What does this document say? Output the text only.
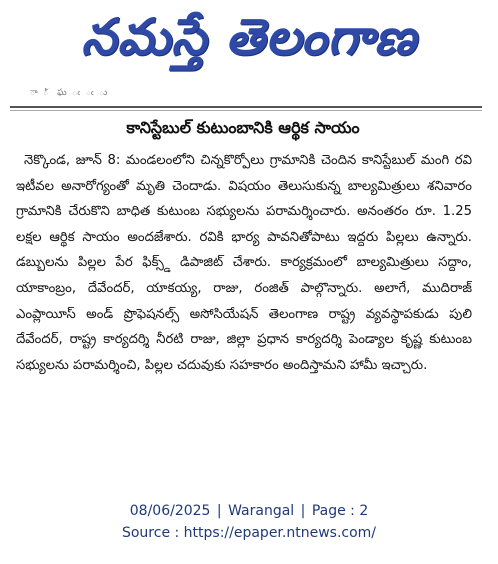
నమస్తే తెలంగాణ
ా ్ ఘ ఁ ఁ ు
కానిస్టేబుల్ కుటుంబానికి ఆర్థిక సాయం
నెక్కొండ, జూన్ 8: మండలంలోని చిన్నకొర్పోలు గ్రామానికి చెందిన కానిస్టేబుల్ మంగి రవి ఇటీవల అనారోగ్యంతో మృతి చెందాడు. విషయం తెలుసుకున్న బాల్యమిత్రులు శనివారం గ్రామానికి చేరుకొని బాధిత కుటుంబ సభ్యులను పరామర్శించారు. అనంతరం రూ. 1.25 లక్షల ఆర్థిక సాయం అందజేశారు. రవికి భార్య పావనితోపాటు ఇద్దరు పిల్లలు ఉన్నారు. డబ్బులను పిల్లల పేర ఫిక్స్డ్ డిపాజిట్ చేశారు. కార్యక్రమంలో బాల్యమిత్రులు సద్దాం, యాకాంబ్రం, దేవేందర్, యాకయ్య, రాజు, రంజిత్ పాల్గొన్నారు. అలాగే, ముదిరాజ్ ఎంప్లాయీస్ అండ్ ప్రొఫెషనల్స్ అసోసియేషన్ తెలంగాణ రాష్ట్ర వ్యవస్థాపకుడు పులి దేవేందర్, రాష్ట్ర కార్యదర్శి నీరటి రాజు, జిల్లా ప్రధాన కార్యదర్శి పెండ్యాల కృష్ణ కుటుంబ సభ్యులను పరామర్శించి, పిల్లల చదువుకు సహకారం అందిస్తామని హామీ ఇచ్చారు.
08/06/2025 | Warangal | Page : 2
Source : https://epaper.ntnews.com/
